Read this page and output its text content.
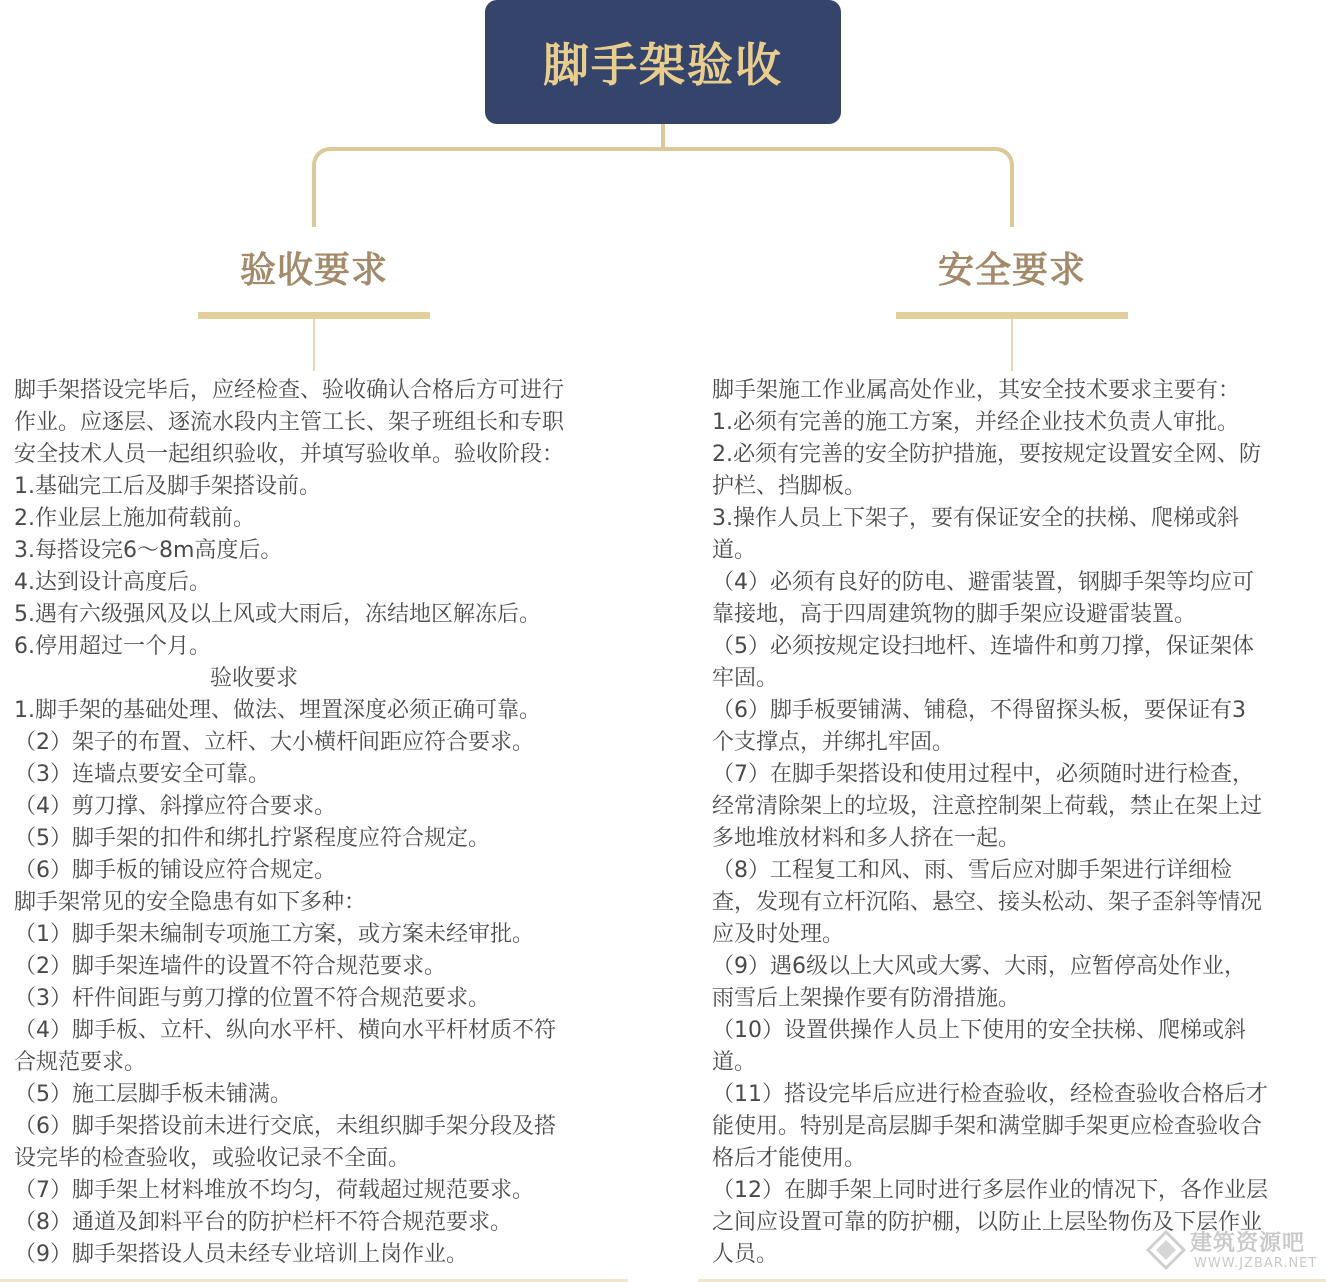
脚手架验收
验收要求
脚手架搭设完毕后，应经检查、验收确认合格后方可进行
作业。应逐层、逐流水段内主管工长、架子班组长和专职
安全技术人员一起组织验收，并填写验收单。验收阶段：
1.基础完工后及脚手架搭设前。
2.作业层上施加荷载前。
3.每搭设完6～8m高度后。
4.达到设计高度后。
5.遇有六级强风及以上风或大雨后，冻结地区解冻后。
6.停用超过一个月。
验收要求
1.脚手架的基础处理、做法、埋置深度必须正确可靠。
（2）架子的布置、立杆、大小横杆间距应符合要求。
（3）连墙点要安全可靠。
（4）剪刀撑、斜撑应符合要求。
（5）脚手架的扣件和绑扎拧紧程度应符合规定。
（6）脚手板的铺设应符合规定。
脚手架常见的安全隐患有如下多种：
（1）脚手架未编制专项施工方案，或方案未经审批。
（2）脚手架连墙件的设置不符合规范要求。
（3）杆件间距与剪刀撑的位置不符合规范要求。
（4）脚手板、立杆、纵向水平杆、横向水平杆材质不符
合规范要求。
（5）施工层脚手板未铺满。
（6）脚手架搭设前未进行交底，未组织脚手架分段及搭
设完毕的检查验收，或验收记录不全面。
（7）脚手架上材料堆放不均匀，荷载超过规范要求。
（8）通道及卸料平台的防护栏杆不符合规范要求。
（9）脚手架搭设人员未经专业培训上岗作业。
安全要求
脚手架施工作业属高处作业，其安全技术要求主要有：
1.必须有完善的施工方案，并经企业技术负责人审批。
2.必须有完善的安全防护措施，要按规定设置安全网、防
护栏、挡脚板。
3.操作人员上下架子，要有保证安全的扶梯、爬梯或斜
道。
（4）必须有良好的防电、避雷装置，钢脚手架等均应可
靠接地，高于四周建筑物的脚手架应设避雷装置。
（5）必须按规定设扫地杆、连墙件和剪刀撑，保证架体
牢固。
（6）脚手板要铺满、铺稳，不得留探头板，要保证有3
个支撑点，并绑扎牢固。
（7）在脚手架搭设和使用过程中，必须随时进行检查，
经常清除架上的垃圾，注意控制架上荷载，禁止在架上过
多地堆放材料和多人挤在一起。
（8）工程复工和风、雨、雪后应对脚手架进行详细检
查，发现有立杆沉陷、悬空、接头松动、架子歪斜等情况
应及时处理。
（9）遇6级以上大风或大雾、大雨，应暂停高处作业，
雨雪后上架操作要有防滑措施。
（10）设置供操作人员上下使用的安全扶梯、爬梯或斜
道。
（11）搭设完毕后应进行检查验收，经检查验收合格后才
能使用。特别是高层脚手架和满堂脚手架更应检查验收合
格后才能使用。
（12）在脚手架上同时进行多层作业的情况下，各作业层
之间应设置可靠的防护棚，以防止上层坠物伤及下层作业
人员。	建筑资源吧
WWW.JZBAR.NET
